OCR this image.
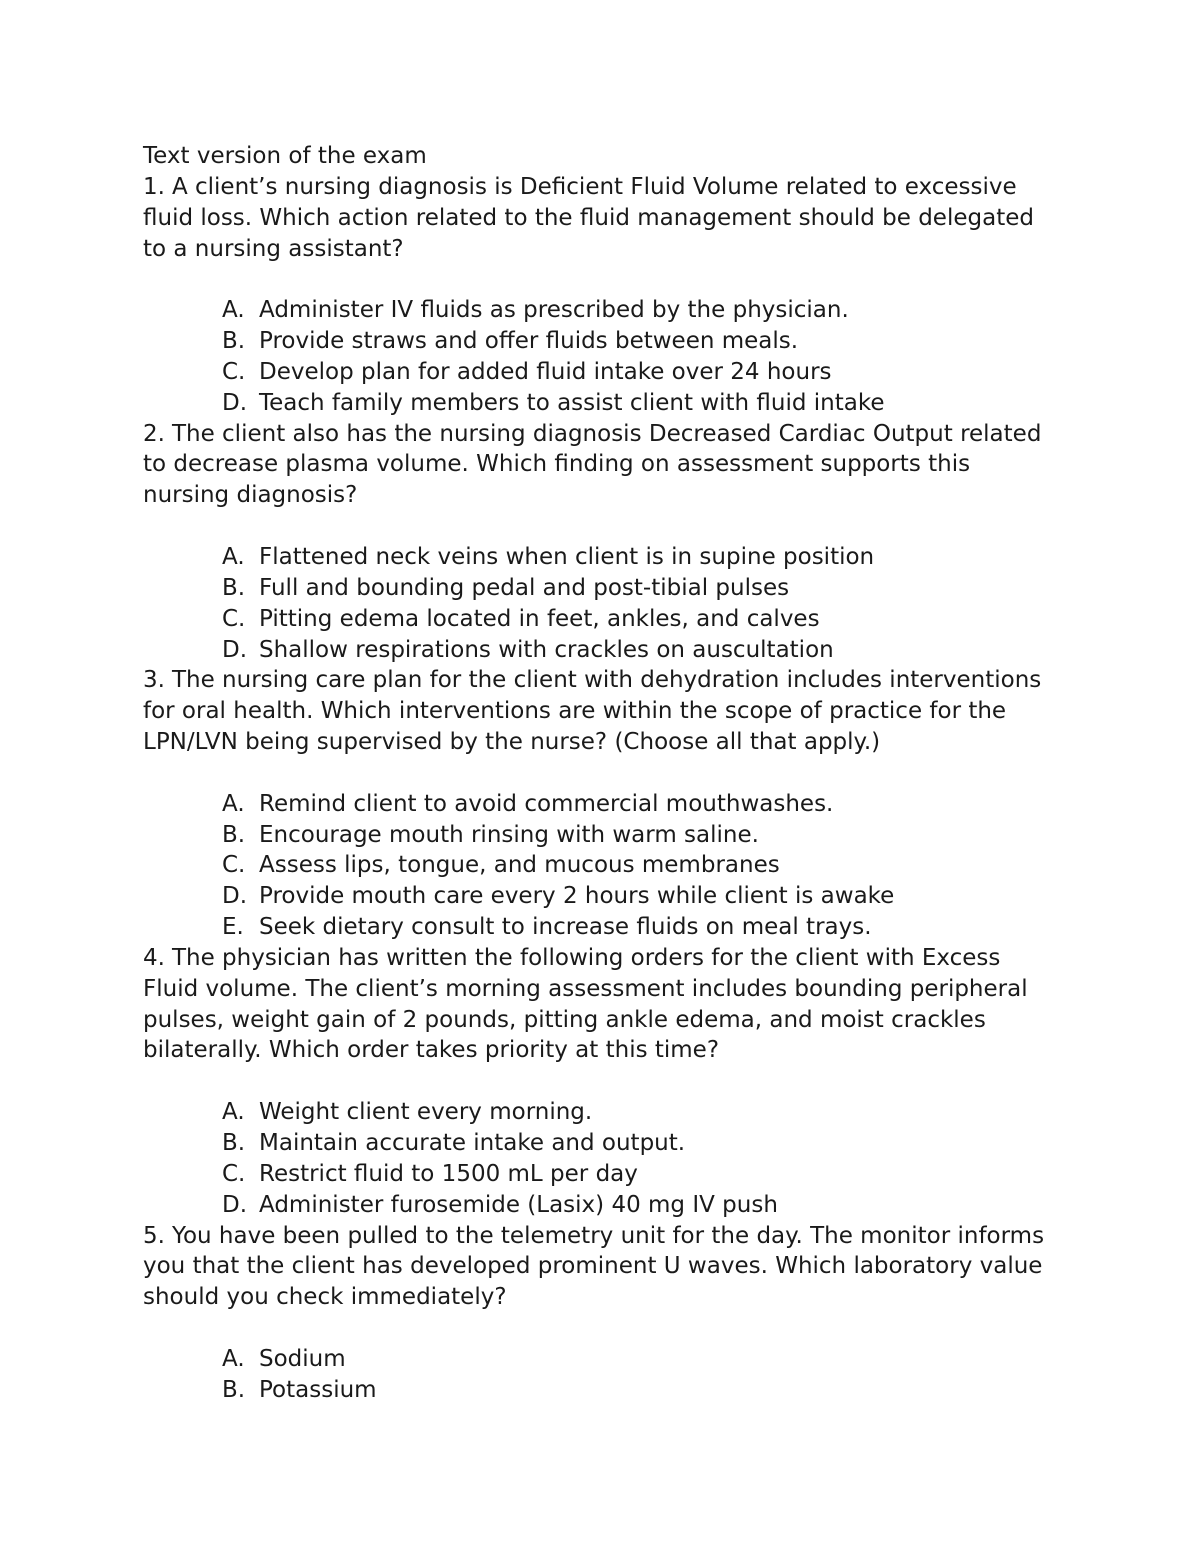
Text version of the exam

1. A client’s nursing diagnosis is Deficient Fluid Volume related to excessive fluid loss. Which action related to the fluid management should be delegated to a nursing assistant?

A. Administer IV fluids as prescribed by the physician.
B. Provide straws and offer fluids between meals.
C. Develop plan for added fluid intake over 24 hours
D. Teach family members to assist client with fluid intake

2. The client also has the nursing diagnosis Decreased Cardiac Output related to decrease plasma volume. Which finding on assessment supports this nursing diagnosis?

A. Flattened neck veins when client is in supine position
B. Full and bounding pedal and post-tibial pulses
C. Pitting edema located in feet, ankles, and calves
D. Shallow respirations with crackles on auscultation

3. The nursing care plan for the client with dehydration includes interventions for oral health. Which interventions are within the scope of practice for the LPN/LVN being supervised by the nurse? (Choose all that apply.)

A. Remind client to avoid commercial mouthwashes.
B. Encourage mouth rinsing with warm saline.
C. Assess lips, tongue, and mucous membranes
D. Provide mouth care every 2 hours while client is awake
E. Seek dietary consult to increase fluids on meal trays.

4. The physician has written the following orders for the client with Excess Fluid volume. The client’s morning assessment includes bounding peripheral pulses, weight gain of 2 pounds, pitting ankle edema, and moist crackles bilaterally. Which order takes priority at this time?

A. Weight client every morning.
B. Maintain accurate intake and output.
C. Restrict fluid to 1500 mL per day
D. Administer furosemide (Lasix) 40 mg IV push

5. You have been pulled to the telemetry unit for the day. The monitor informs you that the client has developed prominent U waves. Which laboratory value should you check immediately?

A. Sodium
B. Potassium
